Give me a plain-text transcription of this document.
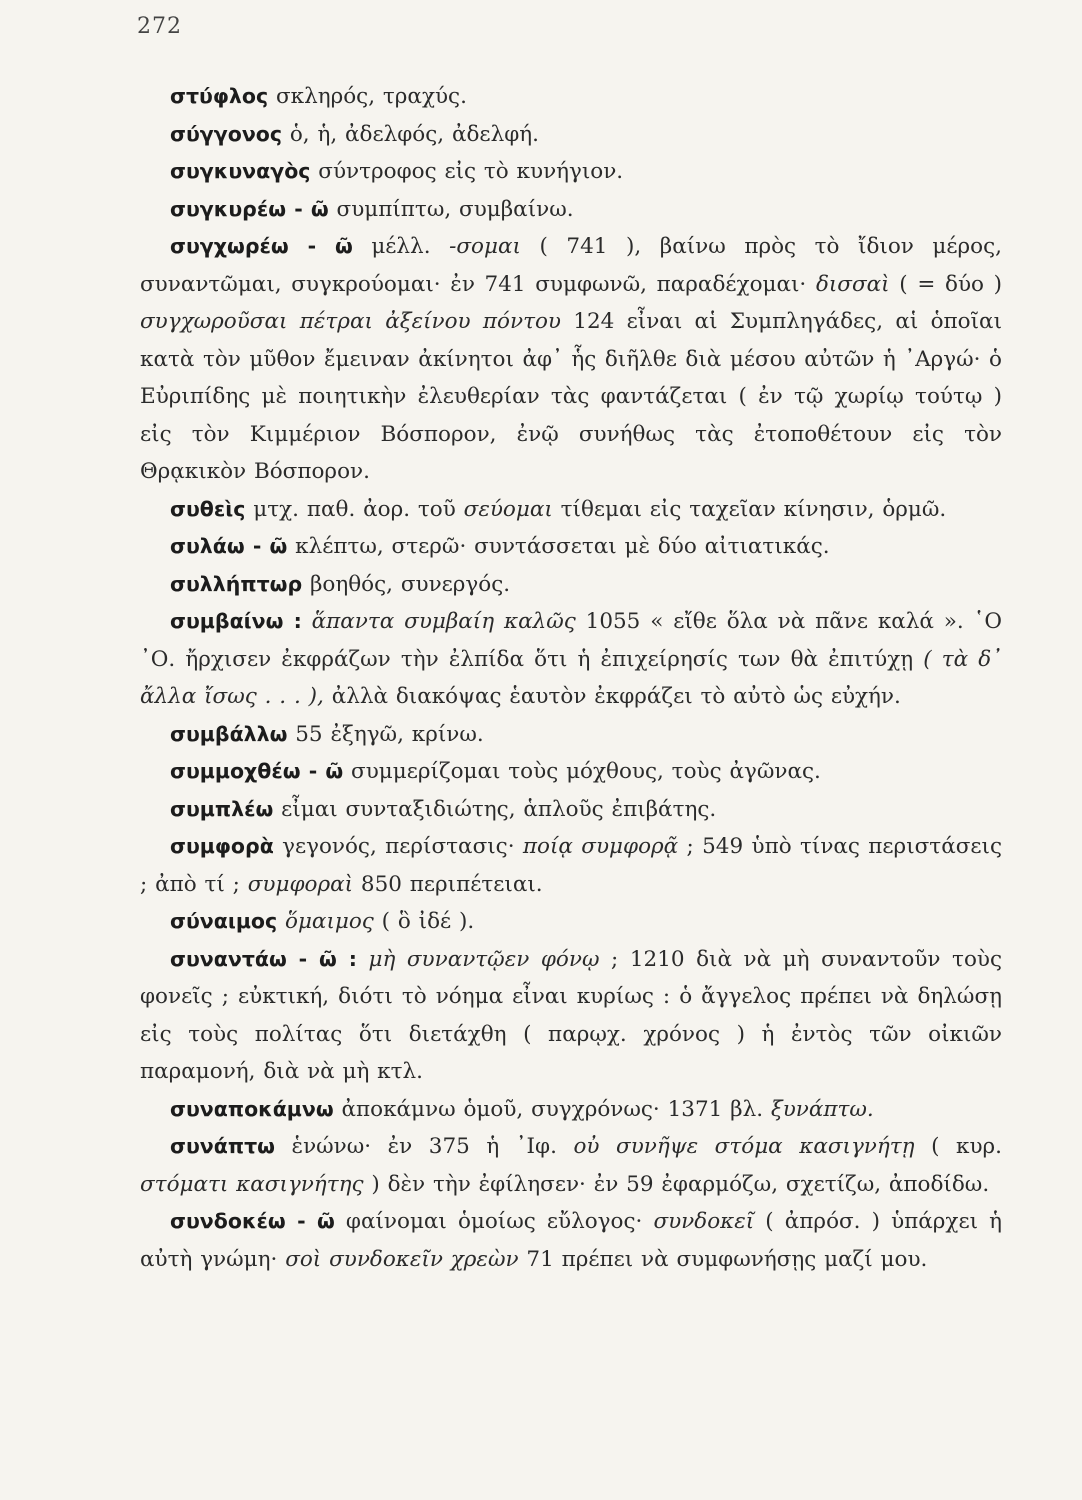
272

στύφλος σκληρός, τραχύς.

σύγγονος ὁ, ἡ, ἀδελφός, ἀδελφή.

συγκυναγὸς σύντροφος εἰς τὸ κυνήγιον.

συγκυρέω - ῶ συμπίπτω, συμβαίνω.

συγχωρέω - ῶ μέλλ. -σομαι ( 741 ), βαίνω πρὸς τὸ ἴδιον μέρος, συναντῶμαι, συγκρούομαι· ἐν 741 συμφωνῶ, παραδέχομαι· δισσαὶ ( = δύο ) συγχωροῦσαι πέτραι ἀξείνου πόντου 124 εἶναι αἱ Συμπληγάδες, αἱ ὁποῖαι κατὰ τὸν μῦθον ἔμειναν ἀκίνητοι ἀφ᾽ ἧς διῆλθε διὰ μέσου αὐτῶν ἡ ᾿Αργώ· ὁ Εὐριπίδης μὲ ποιητικὴν ἐλευθερίαν τὰς φαντάζεται ( ἐν τῷ χωρίῳ τούτῳ ) εἰς τὸν Κιμμέριον Βόσπορον, ἐνῷ συνήθως τὰς ἐτοποθέτουν εἰς τὸν Θρᾳκικὸν Βόσπορον.

συθεὶς μτχ. παθ. ἀορ. τοῦ σεύομαι τίθεμαι εἰς ταχεῖαν κίνησιν, ὁρμῶ.

συλάω - ῶ κλέπτω, στερῶ· συντάσσεται μὲ δύο αἰτιατικάς.

συλλήπτωρ βοηθός, συνεργός.

συμβαίνω : ἅπαντα συμβαίη καλῶς 1055 « εἴθε ὅλα νὰ πᾶνε καλά ». ῾Ο ᾿Ο. ἤρχισεν ἐκφράζων τὴν ἐλπίδα ὅτι ἡ ἐπιχείρησίς των θὰ ἐπιτύχῃ ( τὰ δ᾽ ἄλλα ἴσως . . . ), ἀλλὰ διακόψας ἑαυτὸν ἐκφράζει τὸ αὐτὸ ὡς εὐχήν.

συμβάλλω 55 ἐξηγῶ, κρίνω.

συμμοχθέω - ῶ συμμερίζομαι τοὺς μόχθους, τοὺς ἀγῶνας.

συμπλέω εἶμαι συνταξιδιώτης, ἁπλοῦς ἐπιβάτης.

συμφορὰ γεγονός, περίστασις· ποίᾳ συμφορᾷ ; 549 ὑπὸ τίνας περιστάσεις ; ἀπὸ τί ; συμφοραὶ 850 περιπέτειαι.

σύναιμος ὅμαιμος ( ὃ ἰδέ ).

συναντάω - ῶ : μὴ συναντῷεν φόνῳ ; 1210 διὰ νὰ μὴ συναντοῦν τοὺς φονεῖς ; εὐκτική, διότι τὸ νόημα εἶναι κυρίως : ὁ ἄγγελος πρέπει νὰ δηλώσῃ εἰς τοὺς πολίτας ὅτι διετάχθη ( παρῳχ. χρόνος ) ἡ ἐντὸς τῶν οἰκιῶν παραμονή, διὰ νὰ μὴ κτλ.

συναποκάμνω ἀποκάμνω ὁμοῦ, συγχρόνως· 1371 βλ. ξυνάπτω.

συνάπτω ἑνώνω· ἐν 375 ἡ ᾿Ιφ. οὐ συνῆψε στόμα κασιγνήτῃ ( κυρ. στόματι κασιγνήτης ) δὲν τὴν ἐφίλησεν· ἐν 59 ἐφαρμόζω, σχετίζω, ἀποδίδω.

συνδοκέω - ῶ φαίνομαι ὁμοίως εὔλογος· συνδοκεῖ ( ἀπρόσ. ) ὑπάρχει ἡ αὐτὴ γνώμη· σοὶ συνδοκεῖν χρεὼν 71 πρέπει νὰ συμφωνήσῃς μαζί μου.
